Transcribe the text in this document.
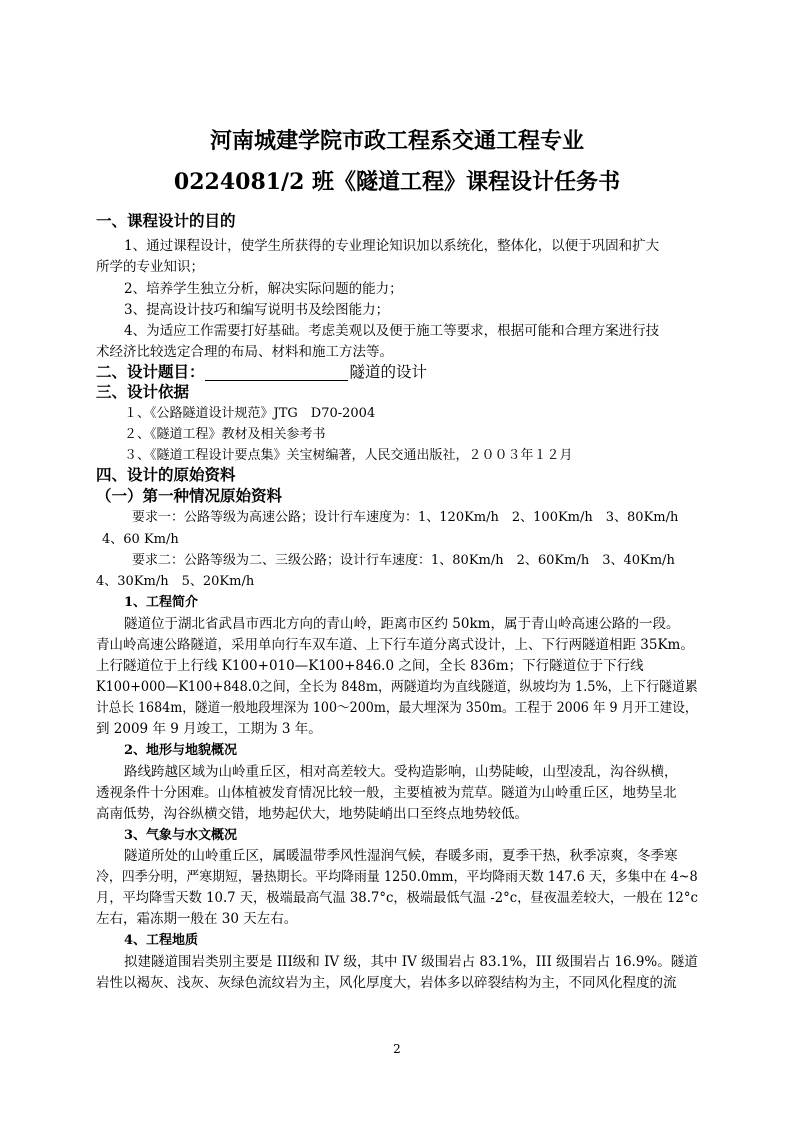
河南城建学院市政工程系交通工程专业
0224081/2 班《隧道工程》课程设计任务书
一、课程设计的目的
1、通过课程设计，使学生所获得的专业理论知识加以系统化，整体化，以便于巩固和扩大
所学的专业知识；
2、培养学生独立分析，解决实际问题的能力；
3、提高设计技巧和编写说明书及绘图能力；
4、为适应工作需要打好基础。考虑美观以及便于施工等要求，根据可能和合理方案进行技
术经济比较选定合理的布局、材料和施工方法等。
二、设计题目：	隧道的设计
三、设计依据
１、《公路隧道设计规范》JTG　D70-2004
２、《隧道工程》教材及相关参考书
３、《隧道工程设计要点集》关宝树编著，人民交通出版社，２００３年１２月
四、设计的原始资料
（一）第一种情况原始资料
要求一：公路等级为高速公路；设计行车速度为：1、120Km/h　2、100Km/h　3、80Km/h
4、60 Km/h
要求二：公路等级为二、三级公路；设计行车速度：1、80Km/h　2、60Km/h　3、40Km/h
4、30Km/h　5、20Km/h
1、工程简介
隧道位于湖北省武昌市西北方向的青山岭，距离市区约 50km，属于青山岭高速公路的一段。
青山岭高速公路隧道，采用单向行车双车道、上下行车道分离式设计，上、下行两隧道相距 35Km。
上行隧道位于上行线 K100+010—K100+846.0 之间，全长 836m；下行隧道位于下行线
K100+000—K100+848.0之间，全长为 848m，两隧道均为直线隧道，纵坡均为 1.5%，上下行隧道累
计总长 1684m，隧道一般地段埋深为 100～200m，最大埋深为 350m。工程于 2006 年 9 月开工建设，
到 2009 年 9 月竣工，工期为 3 年。
2、地形与地貌概况
路线跨越区域为山岭重丘区，相对高差较大。受构造影响，山势陡峻，山型凌乱，沟谷纵横，
透视条件十分困难。山体植被发育情况比较一般，主要植被为荒草。隧道为山岭重丘区，地势呈北
高南低势，沟谷纵横交错，地势起伏大，地势陡峭出口至终点地势较低。
3、气象与水文概况
隧道所处的山岭重丘区，属暖温带季风性湿润气候，春暖多雨，夏季干热，秋季凉爽，冬季寒
冷，四季分明，严寒期短，暑热期长。平均降雨量 1250.0mm，平均降雨天数 147.6 天，多集中在 4~8
月，平均降雪天数 10.7 天，极端最高气温 38.7°c，极端最低气温 -2°c，昼夜温差较大，一般在 12°c
左右，霜冻期一般在 30 天左右。
4、工程地质
拟建隧道围岩类别主要是 III级和 IV 级，其中 IV 级围岩占 83.1%，III 级围岩占 16.9%。隧道
岩性以褐灰、浅灰、灰绿色流纹岩为主，风化厚度大，岩体多以碎裂结构为主，不同风化程度的流
2
